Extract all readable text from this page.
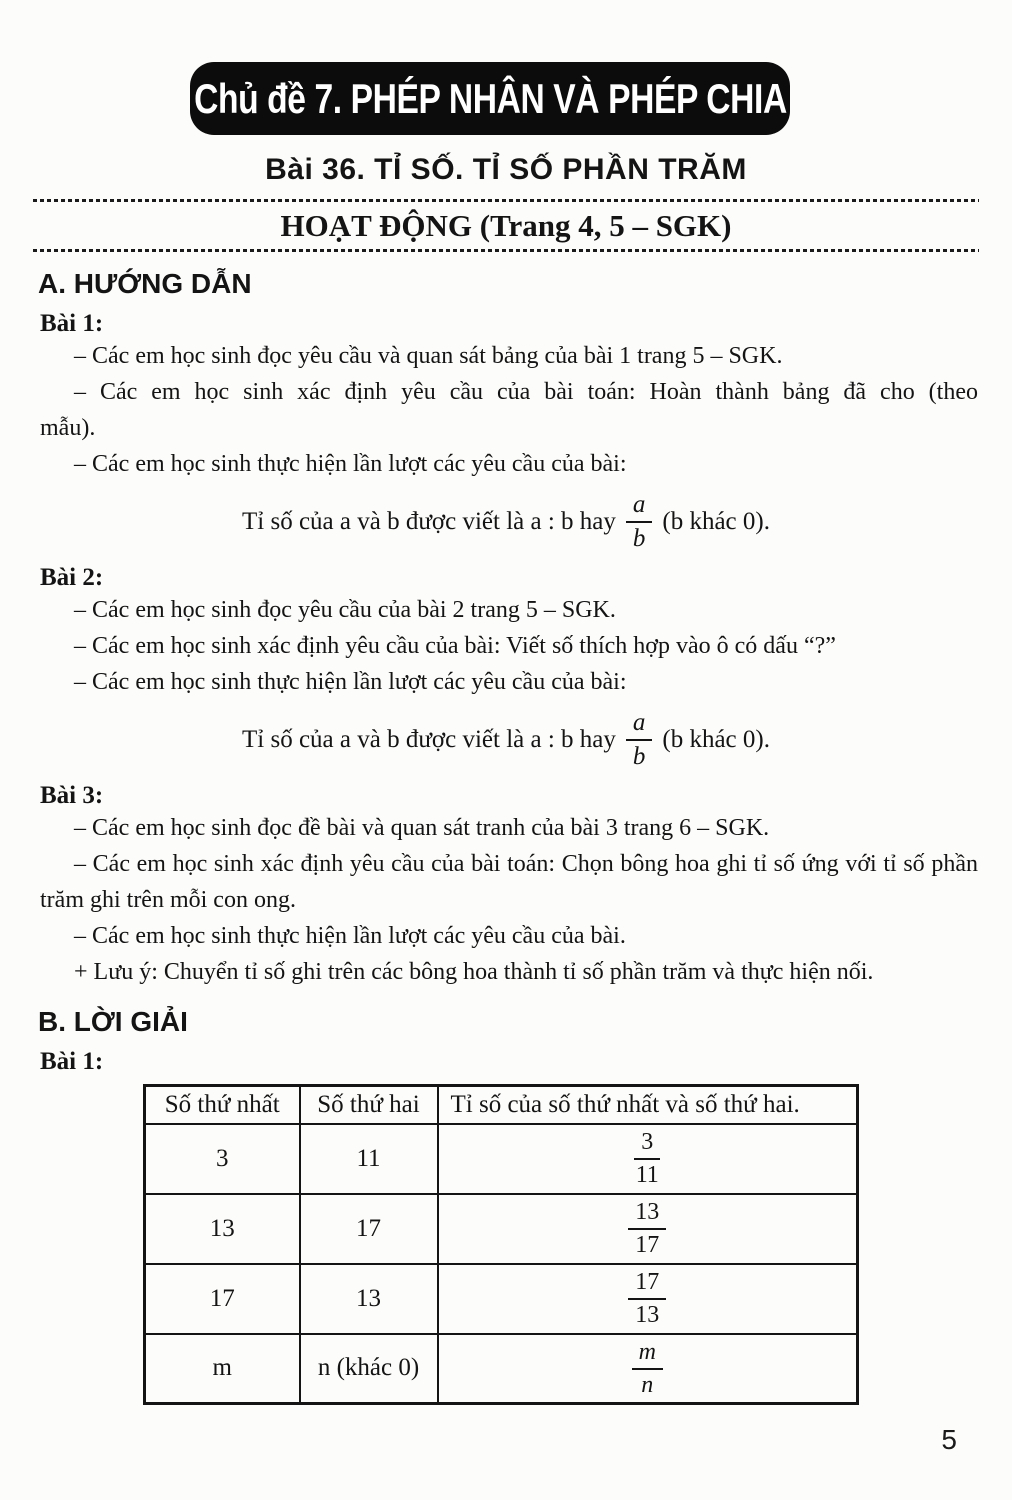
Chủ đề 7. PHÉP NHÂN VÀ PHÉP CHIA
Bài 36. TỈ SỐ. TỈ SỐ PHẦN TRĂM
HOẠT ĐỘNG (Trang 4, 5 – SGK)
A. HƯỚNG DẪN
Bài 1:

– Các em học sinh đọc yêu cầu và quan sát bảng của bài 1 trang 5 – SGK.

– Các em học sinh xác định yêu cầu của bài toán: Hoàn thành bảng đã cho (theo mẫu).

– Các em học sinh thực hiện lần lượt các yêu cầu của bài:

Tỉ số của a và b được viết là a : b hay $\frac{a}{b} (b$ khác 0).
Bài 2:

– Các em học sinh đọc yêu cầu của bài 2 trang 5 – SGK.

– Các em học sinh xác định yêu cầu của bài: Viết số thích hợp vào ô có dấu “?”

– Các em học sinh thực hiện lần lượt các yêu cầu của bài:

Tỉ số của a và b được viết là a : b hay $\frac{a}{b} (b$ khác 0).
Bài 3:

– Các em học sinh đọc đề bài và quan sát tranh của bài 3 trang 6 – SGK.

– Các em học sinh xác định yêu cầu của bài toán: Chọn bông hoa ghi tỉ số ứng với tỉ số phần trăm ghi trên mỗi con ong.

– Các em học sinh thực hiện lần lượt các yêu cầu của bài.

+ Lưu ý: Chuyển tỉ số ghi trên các bông hoa thành tỉ số phần trăm và thực hiện nối.

B. LỜI GIẢI
Bài 1:
Số thứ nhất	Số thứ hai	Tỉ số của số thứ nhất và số thứ hai.
3	11	$\frac{3}{11}$

13	17	$\frac{13}{17}$

17	13	$\frac{17}{13}$

m	n (khác 0)	$\frac{m}{n}$
5
